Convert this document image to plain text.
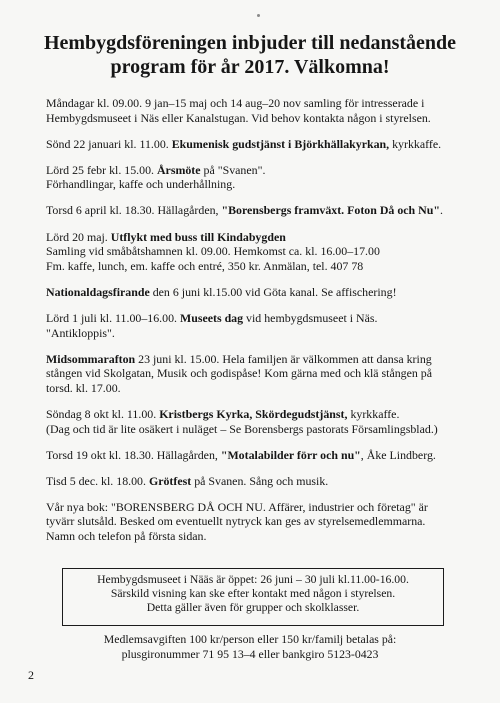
Hembygdsföreningen inbjuder till nedanstående
program för år 2017. Välkomna!
Måndagar kl. 09.00. 9 jan–15 maj och 14 aug–20 nov samling för intresserade i
Hembygdsmuseet i Näs eller Kanalstugan. Vid behov kontakta någon i styrelsen.
Sönd 22 januari kl. 11.00. Ekumenisk gudstjänst i Björkhällakyrkan, kyrkkaffe.
Lörd 25 febr kl. 15.00. Årsmöte på "Svanen".
Förhandlingar, kaffe och underhållning.
Torsd 6 april kl. 18.30. Hällagården, "Borensbergs framväxt. Foton Då och Nu".
Lörd 20 maj. Utflykt med buss till Kindabygden
Samling vid småbåtshamnen kl. 09.00. Hemkomst ca. kl. 16.00–17.00
Fm. kaffe, lunch, em. kaffe och entré, 350 kr. Anmälan, tel. 407 78
Nationaldagsfirande den 6 juni kl.15.00 vid Göta kanal. Se affischering!
Lörd 1 juli kl. 11.00–16.00. Museets dag vid hembygdsmuseet i Näs.
"Antikloppis".
Midsommarafton 23 juni kl. 15.00. Hela familjen är välkommen att dansa kring
stången vid Skolgatan, Musik och godispåse! Kom gärna med och klä stången på
torsd. kl. 17.00.
Söndag 8 okt kl. 11.00. Kristbergs Kyrka, Skördegudstjänst, kyrkkaffe.
(Dag och tid är lite osäkert i nuläget – Se Borensbergs pastorats Församlingsblad.)
Torsd 19 okt kl. 18.30. Hällagården, "Motalabilder förr och nu", Åke Lindberg.
Tisd 5 dec. kl. 18.00. Grötfest på Svanen. Sång och musik.
Vår nya bok: "BORENSBERG DÅ OCH NU. Affärer, industrier och företag" är
tyvärr slutsåld. Besked om eventuellt nytryck kan ges av styrelsemedlemmarna.
Namn och telefon på första sidan.
Hembygdsmuseet i Nääs är öppet: 26 juni – 30 juli kl.11.00-16.00.
Särskild visning kan ske efter kontakt med någon i styrelsen.
Detta gäller även för grupper och skolklasser.
Medlemsavgiften 100 kr/person eller 150 kr/familj betalas på:
plusgironummer 71 95 13–4 eller bankgiro 5123-0423
2
